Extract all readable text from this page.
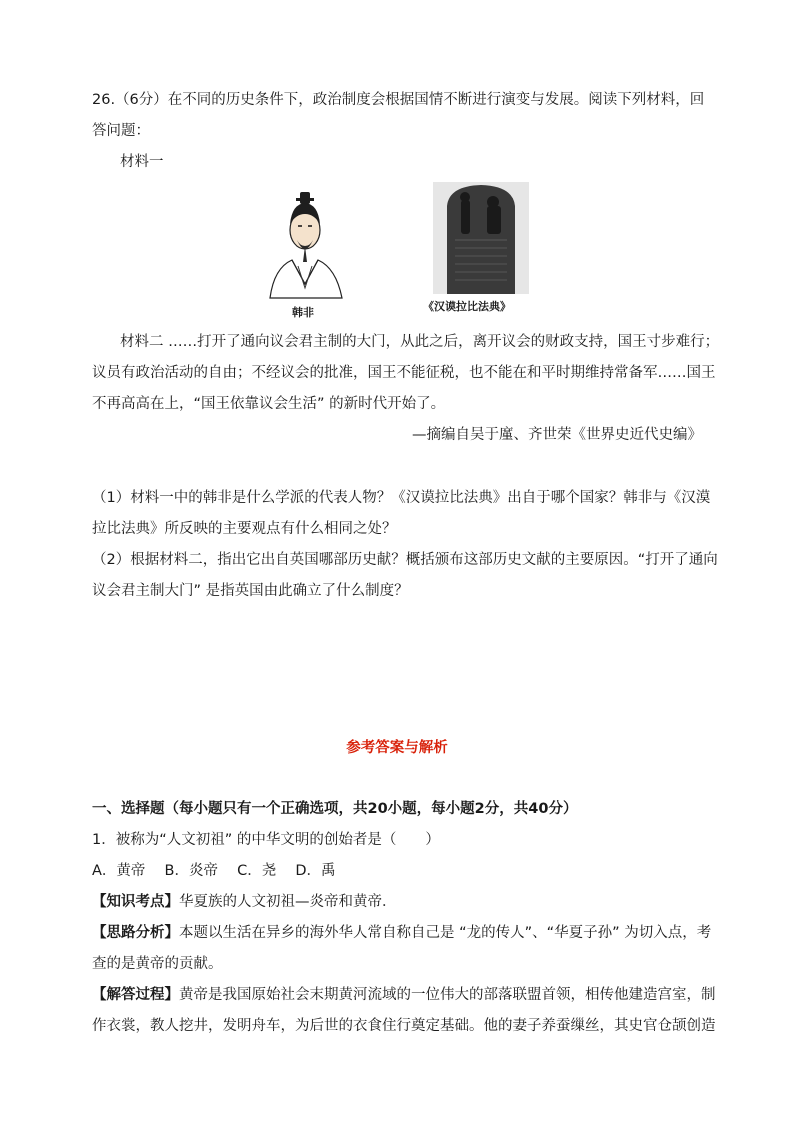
26.（6分）在不同的历史条件下，政治制度会根据国情不断进行演变与发展。阅读下列材料，回
答问题：
材料一
韩非	《汉谟拉比法典》
材料二 ……打开了通向议会君主制的大门，从此之后，离开议会的财政支持，国王寸步难行；
议员有政治活动的自由；不经议会的批准，国王不能征税，也不能在和平时期维持常备军……国王
不再高高在上，“国王依靠议会生活” 的新时代开始了。
—摘编自吴于廑、齐世荣《世界史近代史编》
（1）材料一中的韩非是什么学派的代表人物？《汉谟拉比法典》出自于哪个国家？韩非与《汉漠
拉比法典》所反映的主要观点有什么相同之处？
（2）根据材料二，指出它出自英国哪部历史献？概括颁布这部历史文献的主要原因。“打开了通向
议会君主制大门” 是指英国由此确立了什么制度？
参考答案与解析
一、选择题（每小题只有一个正确选项，共20小题，每小题2分，共40分）
1．被称为“人文初祖” 的中华文明的创始者是（　　）
A．黄帝　 B．炎帝　 C．尧　 D．禹
【知识考点】华夏族的人文初祖—炎帝和黄帝．
【思路分析】本题以生活在异乡的海外华人常自称自己是 “龙的传人”、“华夏子孙” 为切入点，考
查的是黄帝的贡献。
【解答过程】黄帝是我国原始社会末期黄河流域的一位伟大的部落联盟首领，相传他建造宫室，制
作衣裳，教人挖井，发明舟车，为后世的衣食住行奠定基础。他的妻子养蚕缫丝，其史官仓颉创造
